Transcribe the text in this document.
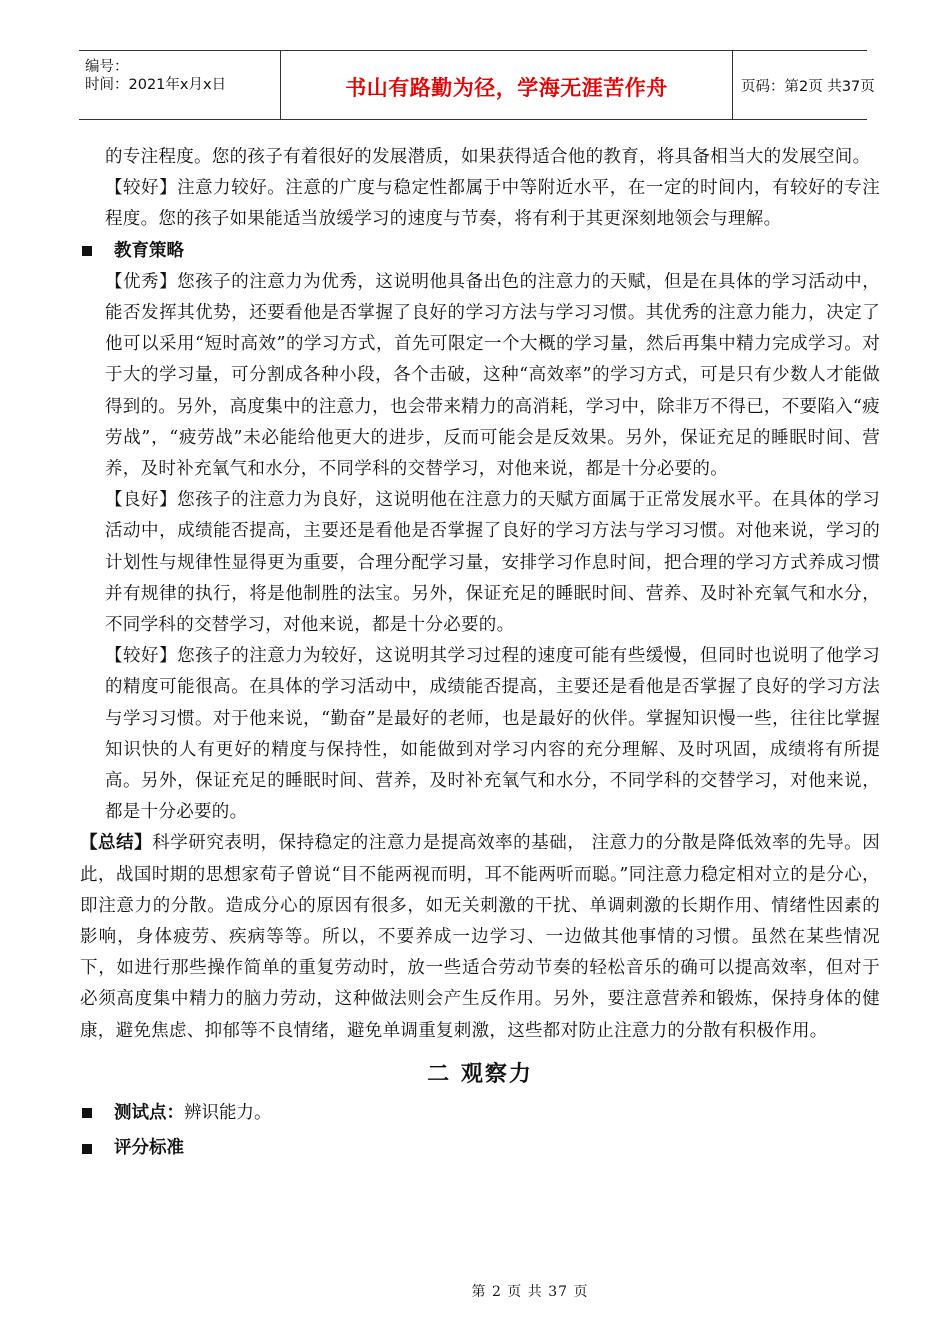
编号：
时间：2021年x月x日	书山有路勤为径，学海无涯苦作舟	页码：第2页 共37页

的专注程度。您的孩子有着很好的发展潜质，如果获得适合他的教育，将具备相当大的发展空间。

【较好】注意力较好。注意的广度与稳定性都属于中等附近水平，在一定的时间内，有较好的专注程度。您的孩子如果能适当放缓学习的速度与节奏，将有利于其更深刻地领会与理解。

教育策略

【优秀】您孩子的注意力为优秀，这说明他具备出色的注意力的天赋，但是在具体的学习活动中，能否发挥其优势，还要看他是否掌握了良好的学习方法与学习习惯。其优秀的注意力能力，决定了他可以采用“短时高效”的学习方式，首先可限定一个大概的学习量，然后再集中精力完成学习。对于大的学习量，可分割成各种小段，各个击破，这种“高效率”的学习方式，可是只有少数人才能做得到的。另外，高度集中的注意力，也会带来精力的高消耗，学习中，除非万不得已，不要陷入“疲劳战”，“疲劳战”未必能给他更大的进步，反而可能会是反效果。另外，保证充足的睡眠时间、营养，及时补充氧气和水分，不同学科的交替学习，对他来说，都是十分必要的。

【良好】您孩子的注意力为良好，这说明他在注意力的天赋方面属于正常发展水平。在具体的学习活动中，成绩能否提高，主要还是看他是否掌握了良好的学习方法与学习习惯。对他来说，学习的计划性与规律性显得更为重要，合理分配学习量，安排学习作息时间，把合理的学习方式养成习惯并有规律的执行，将是他制胜的法宝。另外，保证充足的睡眠时间、营养、及时补充氧气和水分，不同学科的交替学习，对他来说，都是十分必要的。

【较好】您孩子的注意力为较好，这说明其学习过程的速度可能有些缓慢，但同时也说明了他学习的精度可能很高。在具体的学习活动中，成绩能否提高，主要还是看他是否掌握了良好的学习方法与学习习惯。对于他来说，“勤奋”是最好的老师，也是最好的伙伴。掌握知识慢一些，往往比掌握知识快的人有更好的精度与保持性，如能做到对学习内容的充分理解、及时巩固，成绩将有所提高。另外，保证充足的睡眠时间、营养，及时补充氧气和水分，不同学科的交替学习，对他来说，都是十分必要的。

【总结】科学研究表明，保持稳定的注意力是提高效率的基础， 注意力的分散是降低效率的先导。因此，战国时期的思想家荀子曾说“目不能两视而明，耳不能两听而聪。”同注意力稳定相对立的是分心，即注意力的分散。造成分心的原因有很多，如无关刺激的干扰、单调刺激的长期作用、情绪性因素的影响，身体疲劳、疾病等等。所以，不要养成一边学习、一边做其他事情的习惯。虽然在某些情况下，如进行那些操作简单的重复劳动时，放一些适合劳动节奏的轻松音乐的确可以提高效率，但对于必须高度集中精力的脑力劳动，这种做法则会产生反作用。另外，要注意营养和锻炼，保持身体的健康，避免焦虑、抑郁等不良情绪，避免单调重复刺激，这些都对防止注意力的分散有积极作用。

二 观察力
测试点：辨识能力。
评分标准
第 2 页 共 37 页
